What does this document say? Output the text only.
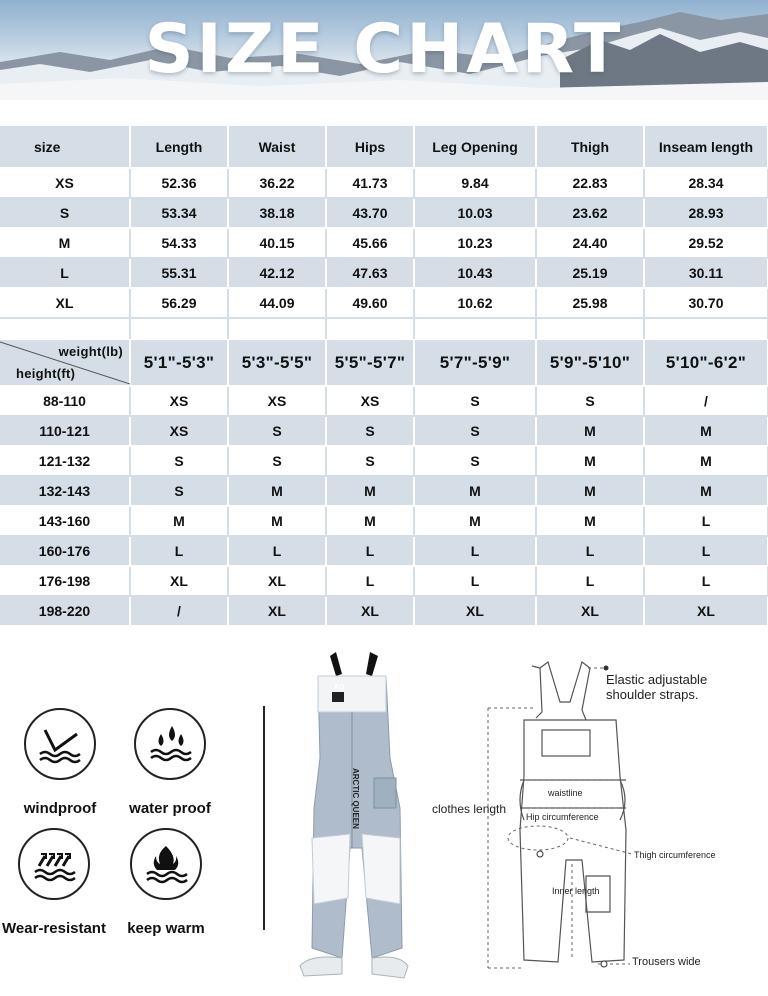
SIZE CHART
size	Length	Waist	Hips	Leg Opening	Thigh	Inseam length
XS	52.36	36.22	41.73	9.84	22.83	28.34
S	53.34	38.18	43.70	10.03	23.62	28.93
M	54.33	40.15	45.66	10.23	24.40	29.52
L	55.31	42.12	47.63	10.43	25.19	30.11
XL	56.29	44.09	49.60	10.62	25.98	30.70

weight(lb)
height(ft)	5'1"-5'3"	5'3"-5'5"	5'5"-5'7"	5'7"-5'9"	5'9"-5'10"	5'10"-6'2"
88-110	XS	XS	XS	S	S	/
110-121	XS	S	S	S	M	M
121-132	S	S	S	S	M	M
132-143	S	M	M	M	M	M
143-160	M	M	M	M	M	L
160-176	L	L	L	L	L	L
176-198	XL	XL	L	L	L	L
198-220	/	XL	XL	XL	XL	XL
windproof	water proof
Wear-resistant	keep warm
AQ
ARCTIC QUEEN
Elastic adjustable shoulder straps.
clothes length
waistline
Hip circumference
Thigh circumference
Inner length
Trousers wide
